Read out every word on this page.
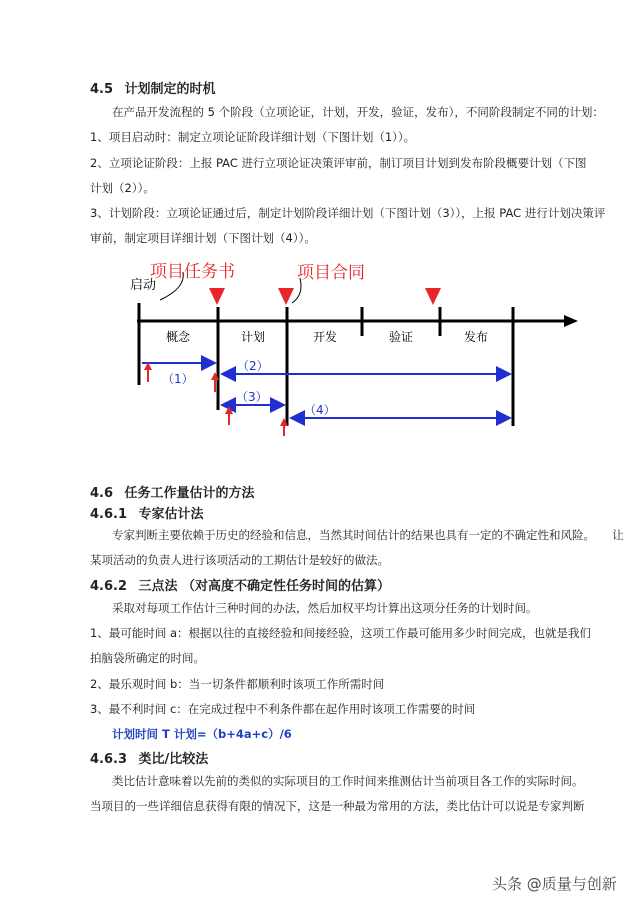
4.5 计划制定的时机
在产品开发流程的 5 个阶段（立项论证，计划，开发，验证，发布），不同阶段制定不同的计划：
1、项目启动时：制定立项论证阶段详细计划（下图计划（1））。
2、立项论证阶段：上报 PAC 进行立项论证决策评审前，制订项目计划到发布阶段概要计划（下图
计划（2））。
3、计划阶段：立项论证通过后，制定计划阶段详细计划（下图计划（3）），上报 PAC 进行计划决策评
审前，制定项目详细计划（下图计划（4））。
项目任务书	项目合同
启动
概念	计划	开发	验证	发布
（1）
（2）
（3）
（4）
4.6 任务工作量估计的方法
4.6.1 专家估计法
专家判断主要依赖于历史的经验和信息，当然其时间估计的结果也具有一定的不确定性和风险。　　让
某项活动的负责人进行该项活动的工期估计是较好的做法。
4.6.2 三点法 （对高度不确定性任务时间的估算）
采取对每项工作估计三种时间的办法，然后加权平均计算出这项分任务的计划时间。
1、最可能时间 a：根据以往的直接经验和间接经验，这项工作最可能用多少时间完成，也就是我们
拍脑袋所确定的时间。
2、最乐观时间 b：当一切条件都顺利时该项工作所需时间
3、最不利时间 c：在完成过程中不利条件都在起作用时该项工作需要的时间
计划时间 T 计划=（b+4a+c）/6
4.6.3 类比/比较法
类比估计意味着以先前的类似的实际项目的工作时间来推测估计当前项目各工作的实际时间。
当项目的一些详细信息获得有限的情况下，这是一种最为常用的方法，类比估计可以说是专家判断
头条 @质量与创新
